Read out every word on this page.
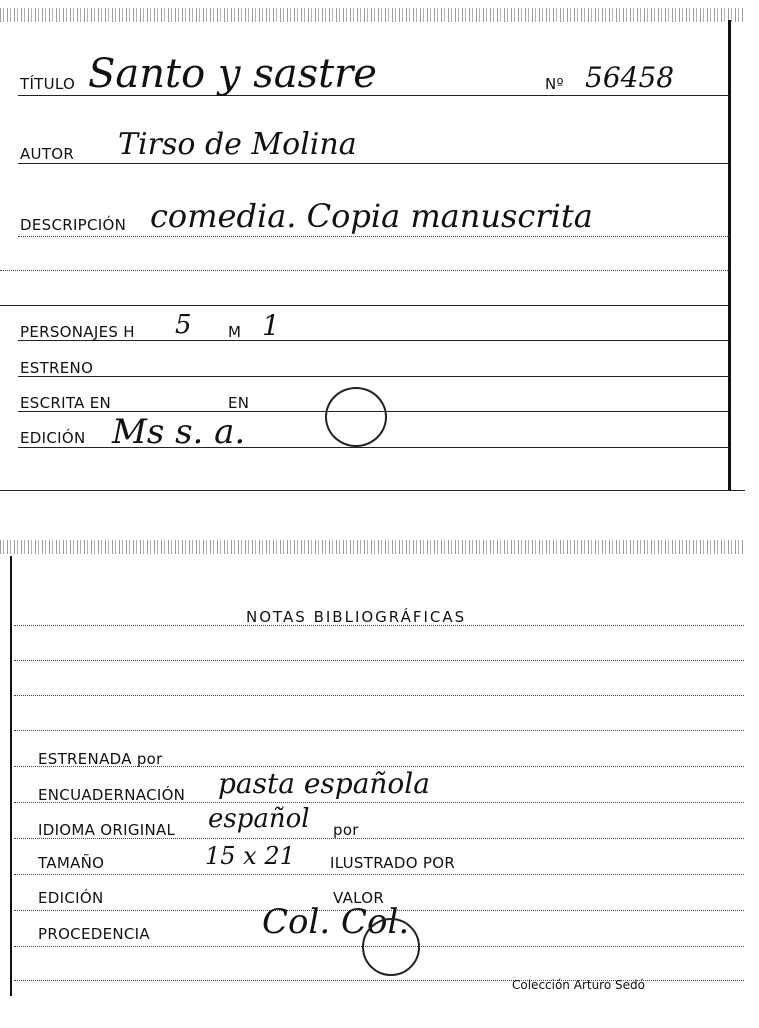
TÍTULO Santo y sastre	Nº 56458
AUTOR Tirso de Molina
DESCRIPCIÓN comedia. Copia manuscrita
PERSONAJES H 5 M 1
ESTRENO
ESCRITA EN	EN
EDICIÓN Ms s. a.
NOTAS BIBLIOGRÁFICAS
ESTRENADA por
ENCUADERNACIÓN pasta española
IDIOMA ORIGINAL español por
TAMAÑO	15 x 21 ILUSTRADO POR
EDICIÓN	VALOR
PROCEDENCIA	Col. Col.
Colección Arturo Sedó
